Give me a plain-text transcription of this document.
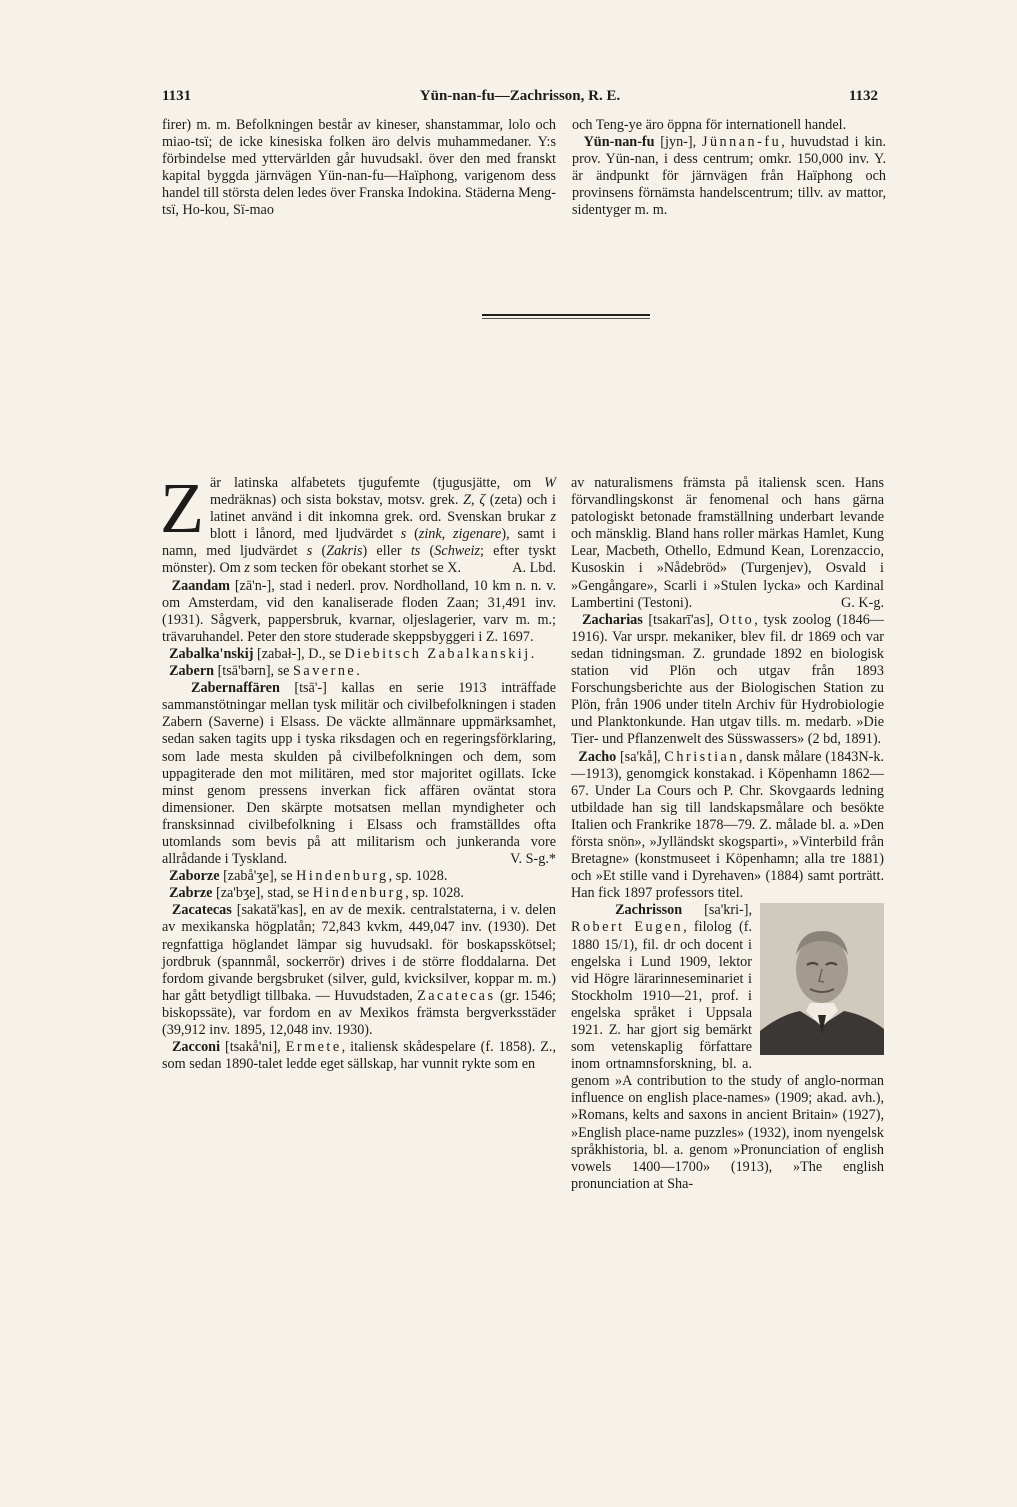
1131	Yün-nan-fu—Zachrisson, R. E.	1132

firer) m. m. Befolkningen består av kineser, shanstammar, lolo och miao-tsï; de icke kinesiska folken äro delvis muhammedaner. Y:s förbindelse med yttervärlden går huvudsakl. över den med franskt kapital byggda järnvägen Yün-nan-fu—Haïphong, varigenom dess handel till största delen ledes över Franska Indokina. Städerna Meng-tsï, Ho-kou, Sï-mao

och Teng-ye äro öppna för internationell handel.

Yün-nan-fu [jyn-], Jünnan-fu, huvudstad i kin. prov. Yün-nan, i dess centrum; omkr. 150,000 inv. Y. är ändpunkt för järnvägen från Haïphong och provinsens förnämsta handelscentrum; tillv. av mattor, sidentyger m. m.

Z är latinska alfabetets tjugufemte (tjugusjätte, om W medräknas) och sista bokstav, motsv. grek. Z, ζ (zeta) och i latinet använd i dit inkomna grek. ord. Svenskan brukar z blott i lånord, med ljudvärdet s (zink, zigenare), samt i namn, med ljudvärdet s (Zakris) eller ts (Schweiz; efter tyskt mönster). Om z som tecken för obekant storhet se X.	A. Lbd.

Zaandam [zā'n-], stad i nederl. prov. Nordholland, 10 km n. n. v. om Amsterdam, vid den kanaliserade floden Zaan; 31,491 inv. (1931). Sågverk, pappersbruk, kvarnar, oljeslagerier, varv m. m.; trävaruhandel. Peter den store studerade skeppsbyggeri i Z. 1697.

Zabalka'nskij [zabał-], D., se Diebitsch Zabalkanskij.

Zabern [tsā'bərn], se Saverne.

Zabernaffären [tsā'-] kallas en serie 1913 inträffade sammanstötningar mellan tysk militär och civilbefolkningen i staden Zabern (Saverne) i Elsass. De väckte allmännare uppmärksamhet, sedan saken tagits upp i tyska riksdagen och en regeringsförklaring, som lade mesta skulden på civilbefolkningen och dem, som uppagiterade den mot militären, med stor majoritet ogillats. Icke minst genom pressens inverkan fick affären oväntat stora dimensioner. Den skärpte motsatsen mellan myndigheter och fransksinnad civilbefolkning i Elsass och framställdes ofta utomlands som bevis på att militarism och junkeranda vore allrådande i Tyskland.	V. S-g.*

Zaborze [zabå'ʒe], se Hindenburg, sp. 1028.

Zabrze [za'bʒe], stad, se Hindenburg, sp. 1028.

Zacatecas [sakatä'kas], en av de mexik. centralstaterna, i v. delen av mexikanska högplatån; 72,843 kvkm, 449,047 inv. (1930). Det regnfattiga höglandet lämpar sig huvudsakl. för boskapsskötsel; jordbruk (spannmål, sockerrör) drives i de större floddalarna. Det fordom givande bergsbruket (silver, guld, kvicksilver, koppar m. m.) har gått betydligt tillbaka. — Huvudstaden, Zacatecas (gr. 1546; biskopssäte), var fordom en av Mexikos främsta bergverksstäder (39,912 inv. 1895, 12,048 inv. 1930).

Zacconi [tsakå'ni], Ermete, italiensk skådespelare (f. 1858). Z., som sedan 1890-talet ledde eget sällskap, har vunnit rykte som en

av naturalismens främsta på italiensk scen. Hans förvandlingskonst är fenomenal och hans gärna patologiskt betonade framställning underbart levande och mänsklig. Bland hans roller märkas Hamlet, Kung Lear, Macbeth, Othello, Edmund Kean, Lorenzaccio, Kusoskin i »Nådebröd» (Turgenjev), Osvald i »Gengångare», Scarli i »Stulen lycka» och Kardinal Lambertini (Testoni).	G. K-g.

Zacharias [tsakarī'as], Otto, tysk zoolog (1846—1916). Var urspr. mekaniker, blev fil. dr 1869 och var sedan tidningsman. Z. grundade 1892 en biologisk station vid Plön och utgav från 1893 Forschungsberichte aus der Biologischen Station zu Plön, från 1906 under titeln Archiv für Hydrobiologie und Planktonkunde. Han utgav tills. m. medarb. »Die Tier- und Pflanzenwelt des Süsswassers» (2 bd, 1891).
N-k.

Zacho [sa'kå], Christian, dansk målare (1843—1913), genomgick konstakad. i Köpenhamn 1862—67. Under La Cours och P. Chr. Skovgaards ledning utbildade han sig till landskapsmålare och besökte Italien och Frankrike 1878—79. Z. målade bl. a. »Den första snön», »Jylländskt skogsparti», »Vinterbild från Bretagne» (konstmuseet i Köpenhamn; alla tre 1881) och »Et stille vand i Dyrehaven» (1884) samt porträtt. Han fick 1897 professors titel.

Zachrisson [sa'kri-], Robert Eugen, filolog (f. 1880 15/1), fil. dr och docent i engelska i Lund 1909, lektor vid Högre lärarinneseminariet i Stockholm 1910—21, prof. i engelska språket i Uppsala 1921. Z. har gjort sig bemärkt som vetenskaplig författare inom ortnamnsforskning, bl. a. genom »A contribution to the study of anglo-norman influence on english place-names» (1909; akad. avh.), »Romans, kelts and saxons in ancient Britain» (1927), »English place-name puzzles» (1932), inom nyengelsk språkhistoria, bl. a. genom »Pronunciation of english vowels 1400—1700» (1913), »The english pronunciation at Sha-
